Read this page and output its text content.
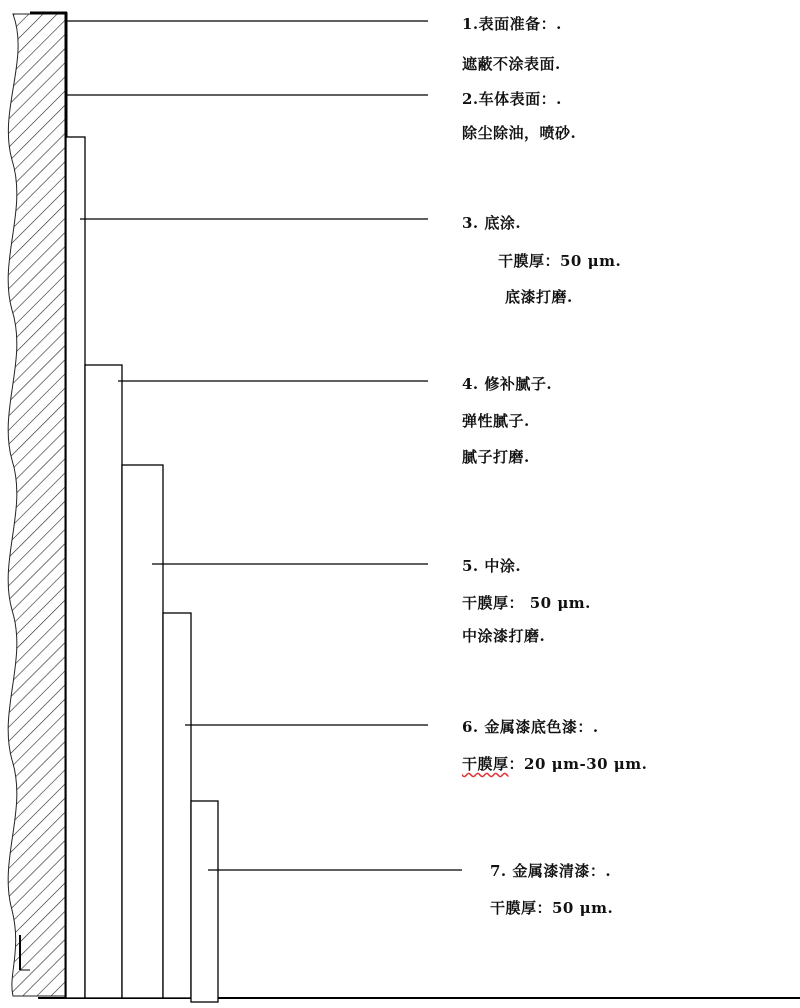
1.表面准备：.
遮蔽不涂表面.
2.车体表面：.
除尘除油，喷砂.
3. 底涂.
干膜厚：50 μm.
底漆打磨.
4. 修补腻子.
弹性腻子.
腻子打磨.
5. 中涂.
干膜厚： 50 μm.
中涂漆打磨.
6. 金属漆底色漆：.
干膜厚：20 μm-30 μm.
7. 金属漆清漆：.
干膜厚：50 μm.
